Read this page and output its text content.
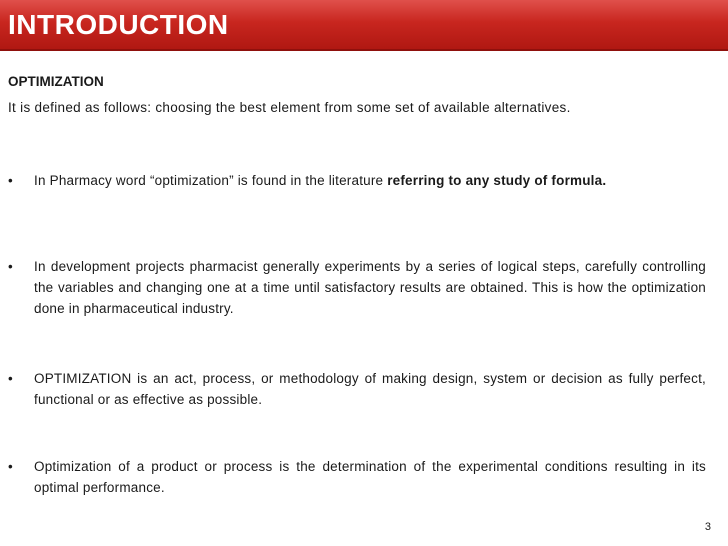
INTRODUCTION

OPTIMIZATION

It is defined as follows: choosing the best element from some set of available alternatives.

•	In Pharmacy word “optimization” is found in the literature referring to any study of formula.
•	In development projects pharmacist generally experiments by a series of logical steps, carefully controlling the variables and changing one at a time until satisfactory results are obtained. This is how the optimization done in pharmaceutical industry.
•	OPTIMIZATION is an act, process, or methodology of making design, system or decision as fully perfect, functional or as effective as possible.
•	Optimization of a product or process is the determination of the experimental conditions resulting in its optimal performance.
3
